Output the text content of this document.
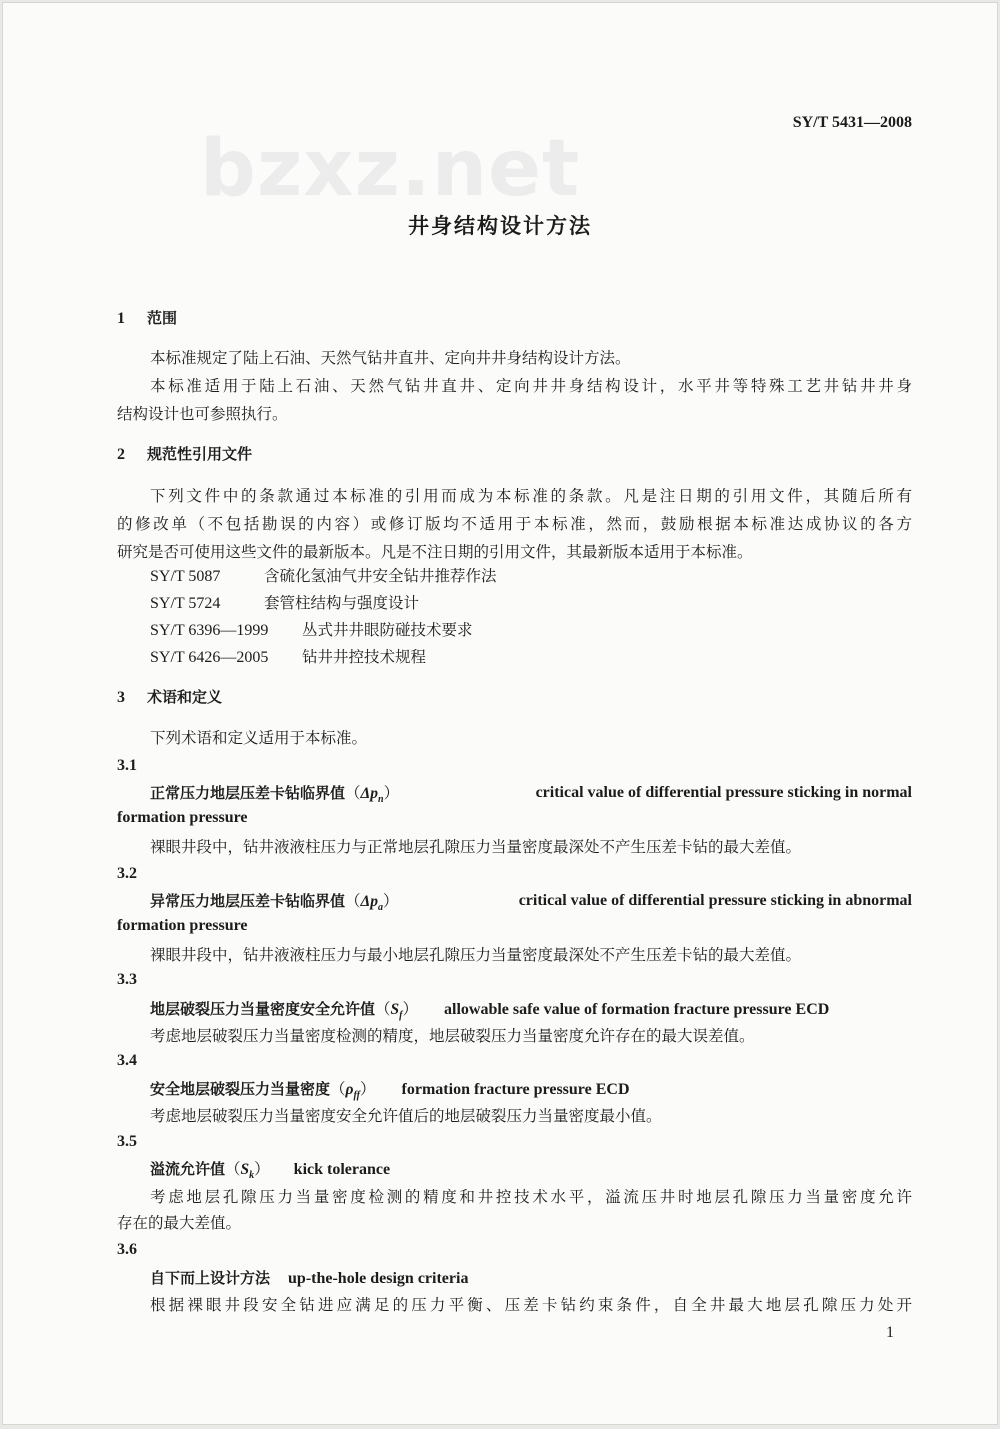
bzxz.net
SY/T 5431—2008
井身结构设计方法
1 范围
本标准规定了陆上石油、天然气钻井直井、定向井井身结构设计方法。
本标准适用于陆上石油、天然气钻井直井、定向井井身结构设计，水平井等特殊工艺井钻井井身
结构设计也可参照执行。
2 规范性引用文件
下列文件中的条款通过本标准的引用而成为本标准的条款。凡是注日期的引用文件，其随后所有
的修改单（不包括勘误的内容）或修订版均不适用于本标准，然而，鼓励根据本标准达成协议的各方
研究是否可使用这些文件的最新版本。凡是不注日期的引用文件，其最新版本适用于本标准。
SY/T 5087	含硫化氢油气井安全钻井推荐作法
SY/T 5724	套管柱结构与强度设计
SY/T 6396—1999 丛式井井眼防碰技术要求
SY/T 6426—2005 钻井井控技术规程
3 术语和定义
下列术语和定义适用于本标准。
3.1
正常压力地层压差卡钻临界值$(\Delta p_n)$	critical value of differential pressure sticking in normal
formation pressure
裸眼井段中，钻井液液柱压力与正常地层孔隙压力当量密度最深处不产生压差卡钻的最大差值。
3.2
异常压力地层压差卡钻临界值$(\Delta p_a)$	critical value of differential pressure sticking in abnormal
formation pressure
裸眼井段中，钻井液液柱压力与最小地层孔隙压力当量密度最深处不产生压差卡钻的最大差值。
3.3
地层破裂压力当量密度安全允许值$(S_f)$ allowable safe value of formation fracture pressure ECD
考虑地层破裂压力当量密度检测的精度，地层破裂压力当量密度允许存在的最大误差值。
3.4
安全地层破裂压力当量密度$(\rho_{ff})$ formation fracture pressure ECD
考虑地层破裂压力当量密度安全允许值后的地层破裂压力当量密度最小值。
3.5
溢流允许值$(S_k)$ kick tolerance
考虑地层孔隙压力当量密度检测的精度和井控技术水平，溢流压井时地层孔隙压力当量密度允许
存在的最大差值。
3.6
自下而上设计方法 up-the-hole design criteria
根据裸眼井段安全钻进应满足的压力平衡、压差卡钻约束条件，自全井最大地层孔隙压力处开
1
